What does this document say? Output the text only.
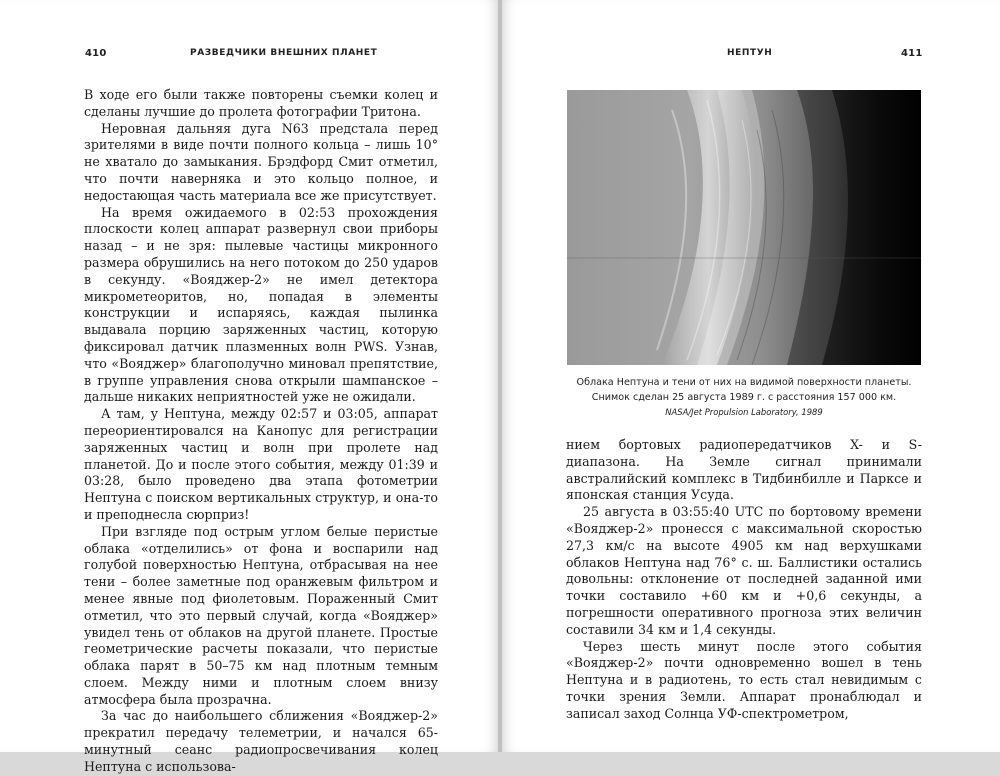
410	РАЗВЕДЧИКИ ВНЕШНИХ ПЛАНЕТ

В ходе его были также повторены съемки колец и сделаны лучшие до пролета фотографии Тритона.

Неровная дальняя дуга N63 предстала перед зрителями в виде почти полного кольца – лишь 10° не хватало до замыкания. Брэдфорд Смит отметил, что почти наверняка и это кольцо полное, и недостающая часть материала все же присутствует.

На время ожидаемого в 02:53 прохождения плоскости колец аппарат развернул свои приборы назад – и не зря: пылевые частицы микронного размера обрушились на него потоком до 250 ударов в секунду. «Вояджер-2» не имел детектора микрометеоритов, но, попадая в элементы конструкции и испаряясь, каждая пылинка выдавала порцию заряженных частиц, которую фиксировал датчик плазменных волн PWS. Узнав, что «Вояджер» благополучно миновал препятствие, в группе управления снова открыли шампанское – дальше никаких неприятностей уже не ожидали.

А там, у Нептуна, между 02:57 и 03:05, аппарат переориентировался на Канопус для регистрации заряженных частиц и волн при пролете над планетой. До и после этого события, между 01:39 и 03:28, было проведено два этапа фотометрии Нептуна с поиском вертикальных структур, и она-то и преподнесла сюрприз!

При взгляде под острым углом белые перистые облака «отделились» от фона и воспарили над голубой поверхностью Нептуна, отбрасывая на нее тени – более заметные под оранжевым фильтром и менее явные под фиолетовым. Пораженный Смит отметил, что это первый случай, когда «Вояджер» увидел тень от облаков на другой планете. Простые геометрические расчеты показали, что перистые облака парят в 50–75 км над плотным темным слоем. Между ними и плотным слоем внизу атмосфера была прозрачна.

За час до наибольшего сближения «Вояджер-2» прекратил передачу телеметрии, и начался 65-минутный сеанс радиопросвечивания колец Нептуна с использова-

НЕПТУН	411
Облака Нептуна и тени от них на видимой поверхности планеты.
Снимок сделан 25 августа 1989 г. с расстояния 157 000 км.
NASA/Jet Propulsion Laboratory, 1989

нием бортовых радиопередатчиков X- и S-диапазона. На Земле сигнал принимали австралийский комплекс в Тидбинбилле и Парксе и японская станция Усуда.

25 августа в 03:55:40 UTC по бортовому времени «Вояджер-2» пронесся с максимальной скоростью 27,3 км/с на высоте 4905 км над верхушками облаков Нептуна над 76° с. ш. Баллистики остались довольны: отклонение от последней заданной ими точки составило +60 км и +0,6 секунды, а погрешности оперативного прогноза этих величин составили 34 км и 1,4 секунды.

Через шесть минут после этого события «Вояджер-2» почти одновременно вошел в тень Нептуна и в радиотень, то есть стал невидимым с точки зрения Земли. Аппарат пронаблюдал и записал заход Солнца УФ-спектрометром,
